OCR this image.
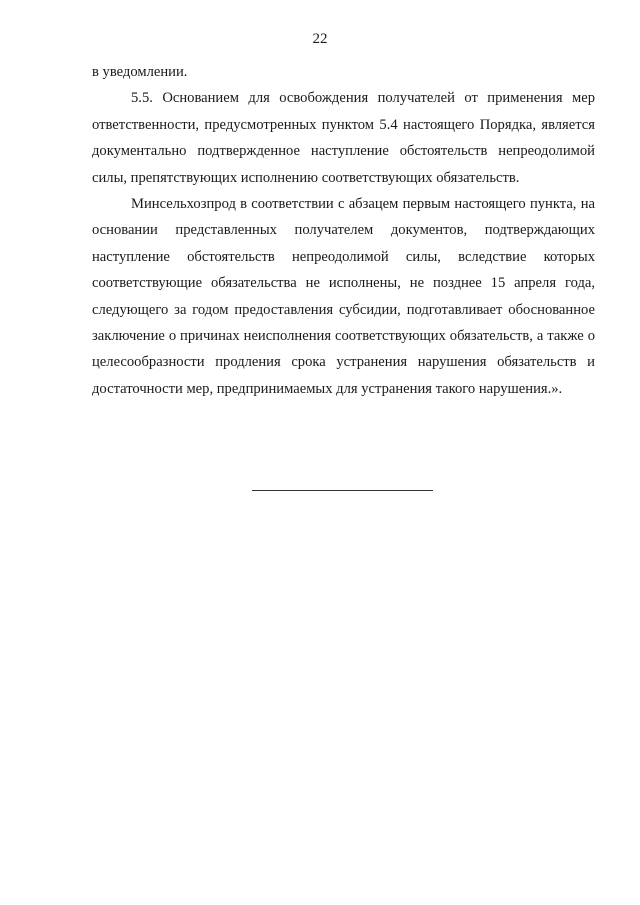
22

в уведомлении.

5.5. Основанием для освобождения получателей от применения мер ответственности, предусмотренных пунктом 5.4 настоящего Порядка, является документально подтвержденное наступление обстоятельств непреодолимой силы, препятствующих исполнению соответствующих обязательств.

Минсельхозпрод в соответствии с абзацем первым настоящего пункта, на основании представленных получателем документов, подтверждающих наступление обстоятельств непреодолимой силы, вследствие которых соответствующие обязательства не исполнены, не позднее 15 апреля года, следующего за годом предоставления субсидии, подготавливает обоснованное заключение о причинах неисполнения соответствующих обязательств, а также о целесообразности продления срока устранения нарушения обязательств и достаточности мер, предпринимаемых для устранения такого нарушения.».
